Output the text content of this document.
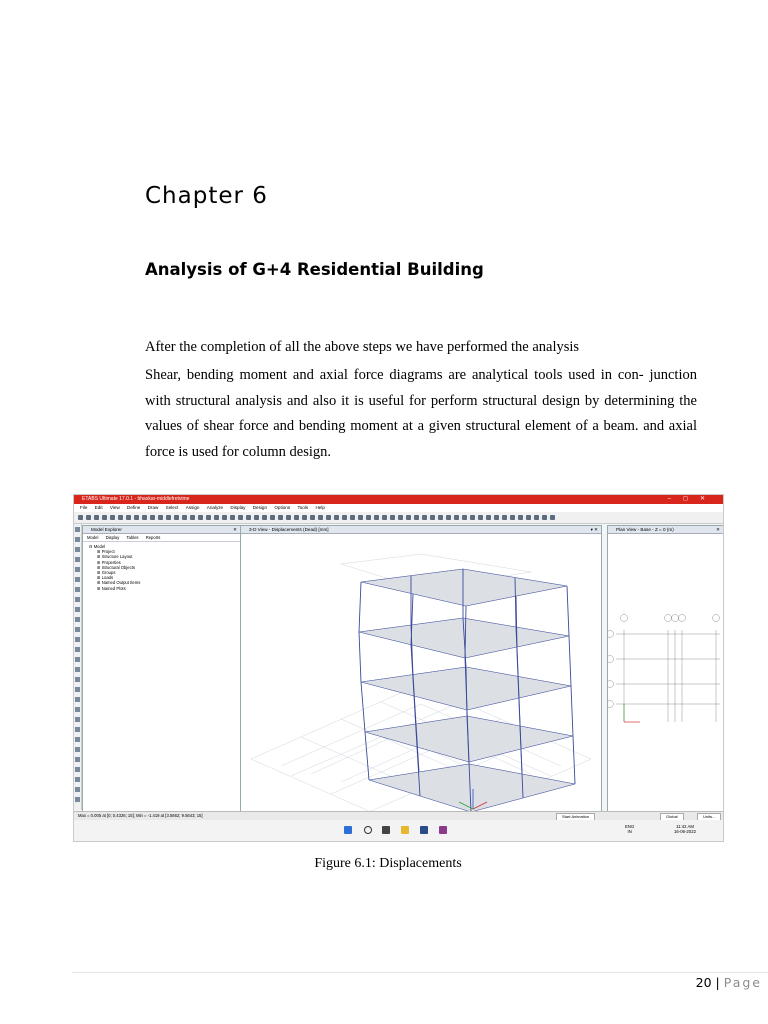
Chapter 6
Analysis of G+4 Residential Building
After the completion of all the above steps we have performed the analysis
Shear, bending moment and axial force diagrams are analytical tools used in con- junction with structural analysis and also it is useful for perform structural design by determining the values of shear force and bending moment at a given structural element of a beam. and axial force is used for column design.
ETABS Ultimate 17.0.1 - bhaskar-middlefretvime	–◻✕
File Edit View Define Draw Select Assign Analyze Display Design Options Tools Help
Model Explorer	✕
Model Display Tables Reports
⊟ Model
⊞ Project
⊞ Structure Layout
⊞ Properties
⊞ Structural Objects
⊞ Groups
⊞ Loads
⊞ Named Output Items
⊞ Named Plots
3-D View - Displacements (Dead) [mm]	▾ ✕	Plan View - Base - Z = 0 (m)	✕
Max = 0.005 at [0; 0.4326; 15]; Min = -1.419 at [3.5662; 9.5643; 15]	Start Animation	Global	Units...
ENG
IN
11:42 AM
16-06-2022
Figure 6.1: Displacements
20 | Page
